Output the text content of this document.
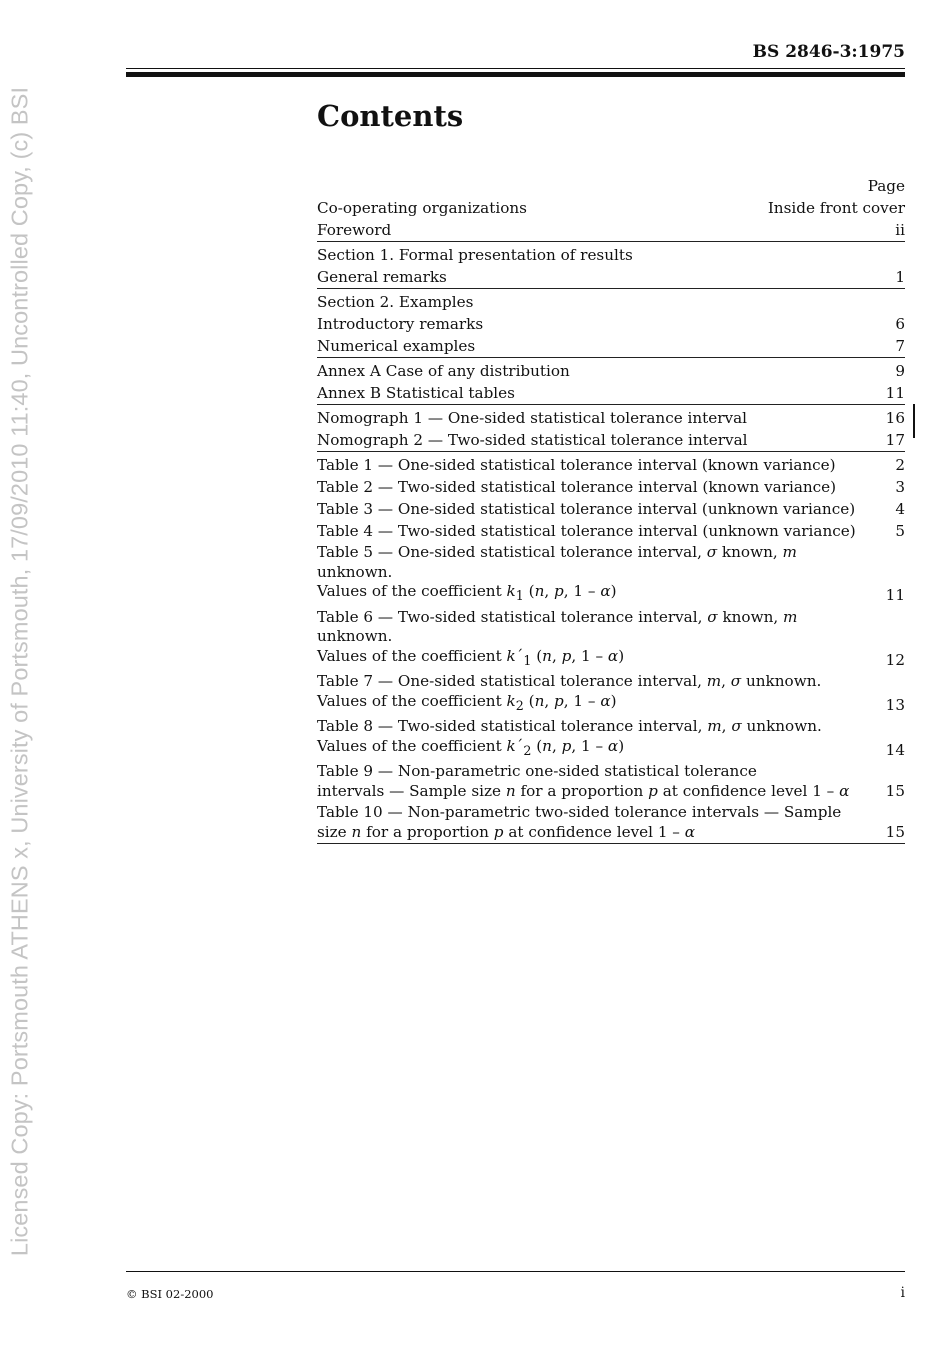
Licensed Copy: Portsmouth ATHENS x, University of Portsmouth, 17/09/2010 11:40, Uncontrolled Copy, (c) BSI
BS 2846-3:1975
Contents
Page
Co-operating organizations	Inside front cover
Foreword	ii
Section 1. Formal presentation of results
General remarks	1
Section 2. Examples
Introductory remarks	6
Numerical examples	7
Annex A Case of any distribution	9
Annex B Statistical tables	11
Nomograph 1 — One-sided statistical tolerance interval	16
Nomograph 2 — Two-sided statistical tolerance interval	17
Table 1 — One-sided statistical tolerance interval (known variance)	2
Table 2 — Two-sided statistical tolerance interval (known variance)	3
Table 3 — One-sided statistical tolerance interval (unknown variance)	4
Table 4 — Two-sided statistical tolerance interval (unknown variance)	5
Table 5 — One-sided statistical tolerance interval, σ known, m unknown.
Values of the coefficient $k_1$ (n, p, 1 – α)	11
Table 6 — Two-sided statistical tolerance interval, σ known, m unknown.
Values of the coefficient $k´_1$ (n, p, 1 – α)	12
Table 7 — One-sided statistical tolerance interval, m, σ unknown.
Values of the coefficient $k_2$ (n, p, 1 – α)	13
Table 8 — Two-sided statistical tolerance interval, m, σ unknown.
Values of the coefficient $k´_2$ (n, p, 1 – α)	14
Table 9 — Non-parametric one-sided statistical tolerance
intervals — Sample size n for a proportion p at confidence level 1 – α	15
Table 10 — Non-parametric two-sided tolerance intervals — Sample
size n for a proportion p at confidence level 1 – α	15
© BSI 02-2000	i
